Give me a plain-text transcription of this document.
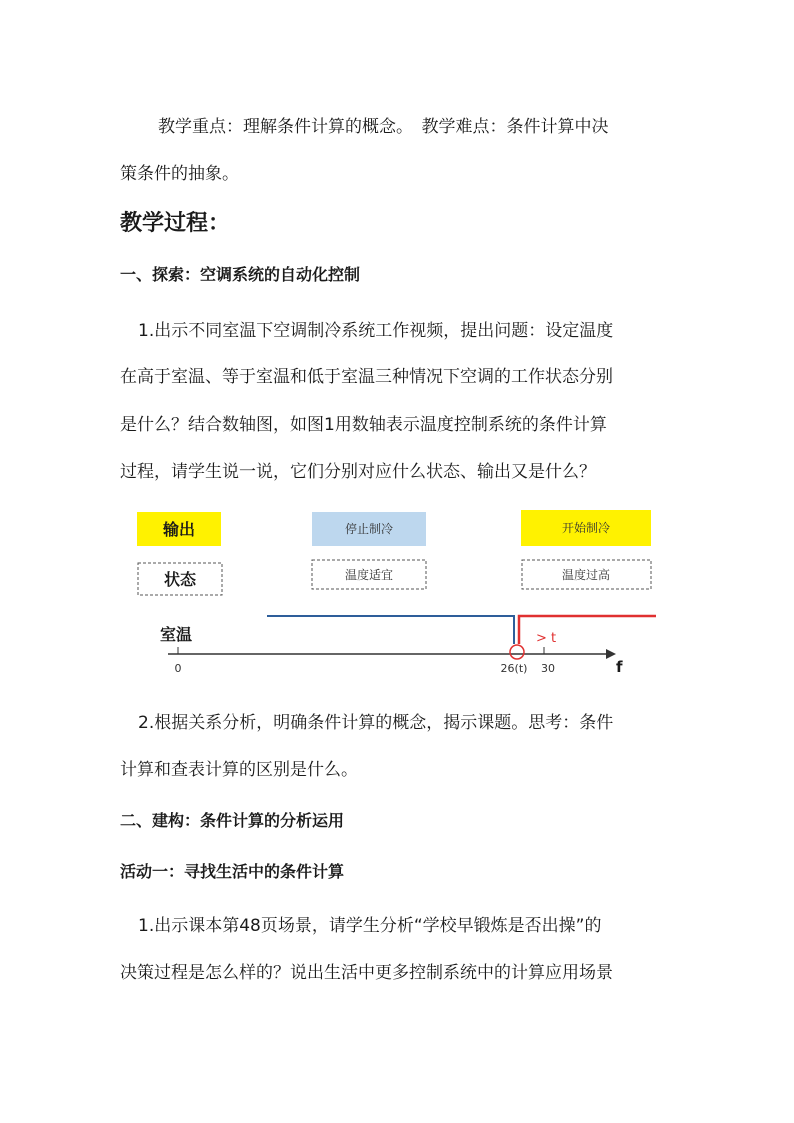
教学重点：理解条件计算的概念。　教学难点：条件计算中决

策条件的抽象。

教学过程：
一、探索：空调系统的自动化控制

1.出示不同室温下空调制冷系统工作视频，提出问题：设定温度

在高于室温、等于室温和低于室温三种情况下空调的工作状态分别

是什么？结合数轴图，如图1用数轴表示温度控制系统的条件计算

过程，请学生说一说，它们分别对应什么状态、输出又是什么？

输出	停止制冷	开始制冷
状态	温度适宜	温度过高
室温	> t
0	26(t) 30	f

2.根据关系分析，明确条件计算的概念，揭示课题。思考：条件

计算和查表计算的区别是什么。

二、建构：条件计算的分析运用
活动一：寻找生活中的条件计算

1.出示课本第48页场景，请学生分析“学校早锻炼是否出操”的

决策过程是怎么样的？说出生活中更多控制系统中的计算应用场景
